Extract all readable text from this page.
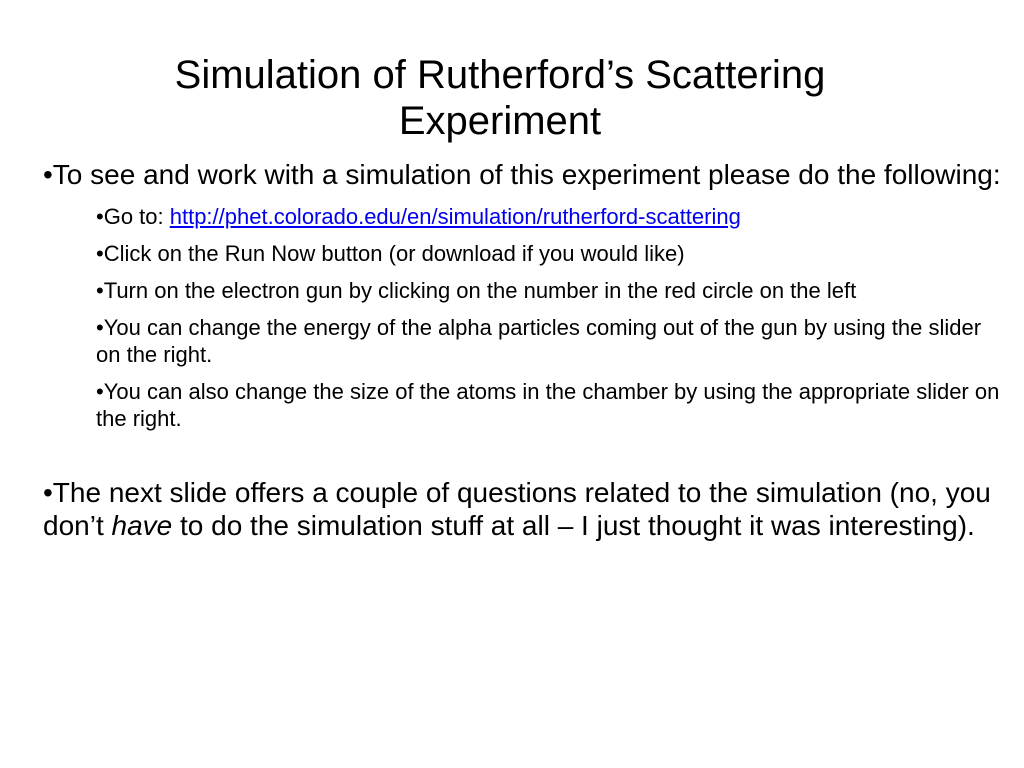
Simulation of Rutherford’s Scattering Experiment

•To see and work with a simulation of this experiment please do the following:

•Go to: http://phet.colorado.edu/en/simulation/rutherford-scattering

•Click on the Run Now button (or download if you would like)

•Turn on the electron gun by clicking on the number in the red circle on the left

•You can change the energy of the alpha particles coming out of the gun by using the slider on the right.

•You can also change the size of the atoms in the chamber by using the appropriate slider on the right.

•The next slide offers a couple of questions related to the simulation (no, you don’t have to do the simulation stuff at all – I just thought it was interesting).
